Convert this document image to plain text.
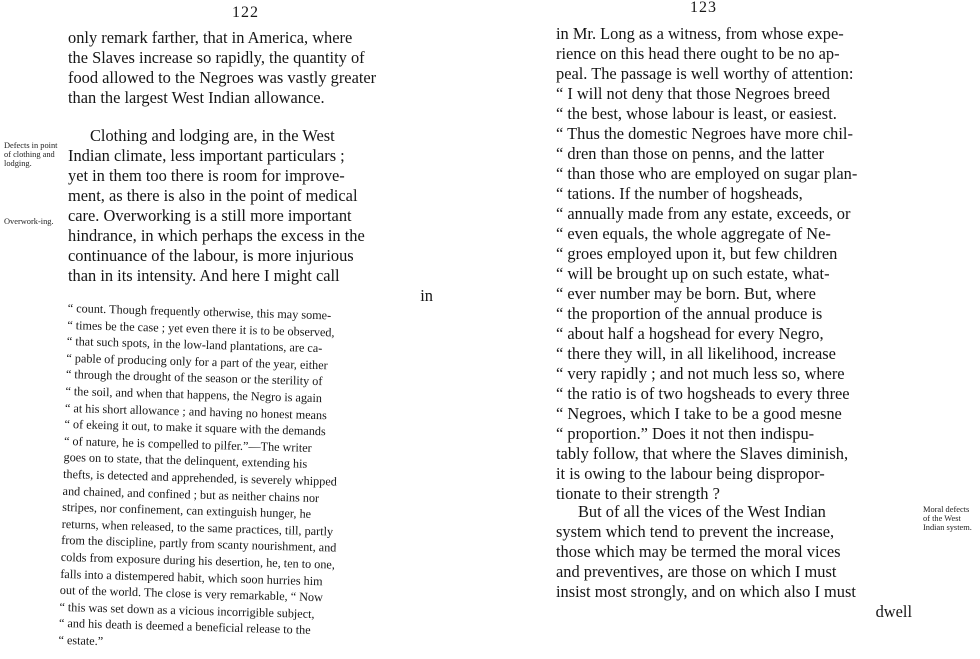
122
only remark farther, that in America, where
the Slaves increase so rapidly, the quantity of
food allowed to the Negroes was vastly greater
than the largest West Indian allowance.
Defects in point of clothing and lodging.
Overwork-ing.
Clothing and lodging are, in the West
Indian climate, less important particulars ;
yet in them too there is room for improve-
ment, as there is also in the point of medical
care. Overworking is a still more important
hindrance, in which perhaps the excess in the
continuance of the labour, is more injurious
than in its intensity. And here I might call
in
“ count. Though frequently otherwise, this may some-
“ times be the case ; yet even there it is to be observed,
“ that such spots, in the low-land plantations, are ca-
“ pable of producing only for a part of the year, either
“ through the drought of the season or the sterility of
“ the soil, and when that happens, the Negro is again
“ at his short allowance ; and having no honest means
“ of ekeing it out, to make it square with the demands
“ of nature, he is compelled to pilfer.”—The writer
goes on to state, that the delinquent, extending his
thefts, is detected and apprehended, is severely whipped
and chained, and confined ; but as neither chains nor
stripes, nor confinement, can extinguish hunger, he
returns, when released, to the same practices, till, partly
from the discipline, partly from scanty nourishment, and
colds from exposure during his desertion, he, ten to one,
falls into a distempered habit, which soon hurries him
out of the world. The close is very remarkable, “ Now
“ this was set down as a vicious incorrigible subject,
“ and his death is deemed a beneficial release to the
“ estate.”
123
in Mr. Long as a witness, from whose expe-
rience on this head there ought to be no ap-
peal. The passage is well worthy of attention:
“ I will not deny that those Negroes breed
“ the best, whose labour is least, or easiest.
“ Thus the domestic Negroes have more chil-
“ dren than those on penns, and the latter
“ than those who are employed on sugar plan-
“ tations. If the number of hogsheads,
“ annually made from any estate, exceeds, or
“ even equals, the whole aggregate of Ne-
“ groes employed upon it, but few children
“ will be brought up on such estate, what-
“ ever number may be born. But, where
“ the proportion of the annual produce is
“ about half a hogshead for every Negro,
“ there they will, in all likelihood, increase
“ very rapidly ; and not much less so, where
“ the ratio is of two hogsheads to every three
“ Negroes, which I take to be a good mesne
“ proportion.” Does it not then indispu-
tably follow, that where the Slaves diminish,
it is owing to the labour being dispropor-
tionate to their strength ?
But of all the vices of the West Indian
system which tend to prevent the increase,
those which may be termed the moral vices
and preventives, are those on which I must
insist most strongly, and on which also I must
dwell
Moral defects of the West Indian system.
